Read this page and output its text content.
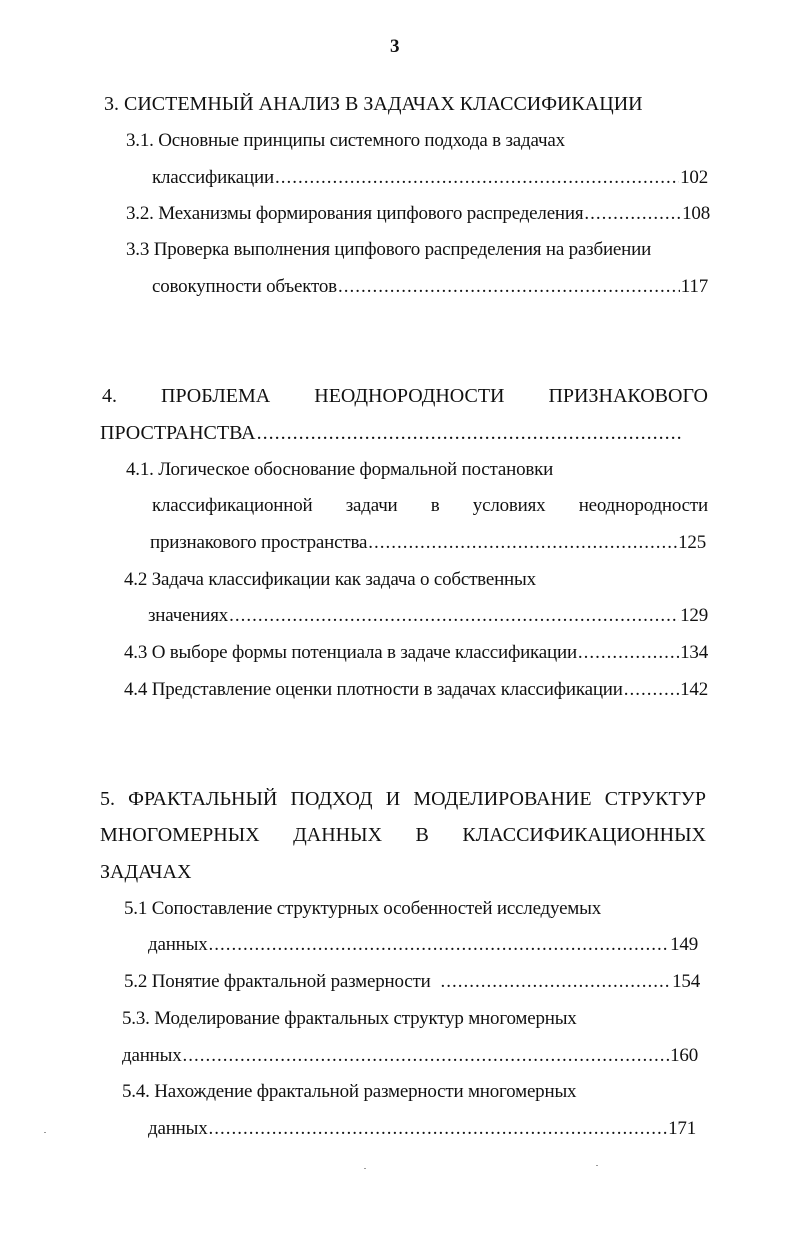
3
3. СИСТЕМНЫЙ АНАЛИЗ В ЗАДАЧАХ КЛАССИФИКАЦИИ
3.1. Основные принципы системного подхода в задачах
классификации .....	102
3.2. Механизмы формирования ципфового распределения .....	108
3.3 Проверка выполнения ципфового распределения на разбиении
совокупности объектов .....	117
4. ПРОБЛЕМА НЕОДНОРОДНОСТИ ПРИЗНАКОВОГО
ПРОСТРАНСТВА
.....
4.1. Логическое обоснование формальной постановки
классификационной задачи в условиях неоднородности
признакового пространства .....	125
4.2 Задача классификации как задача о собственных
значениях .....	129
4.3 О выборе формы потенциала в задаче классификации .....	134
4.4 Представление оценки плотности в задачах классификации .....	142
5. ФРАКТАЛЬНЫЙ ПОДХОД И МОДЕЛИРОВАНИЕ СТРУКТУР
МНОГОМЕРНЫХ ДАННЫХ В КЛАССИФИКАЦИОННЫХ
ЗАДАЧАХ
5.1 Сопоставление структурных особенностей исследуемых
данных .....	149
5.2 Понятие фрактальной размерности .....	154
5.3. Моделирование фрактальных структур многомерных
данных .....	160
5.4. Нахождение фрактальной размерности многомерных
данных .....	171
